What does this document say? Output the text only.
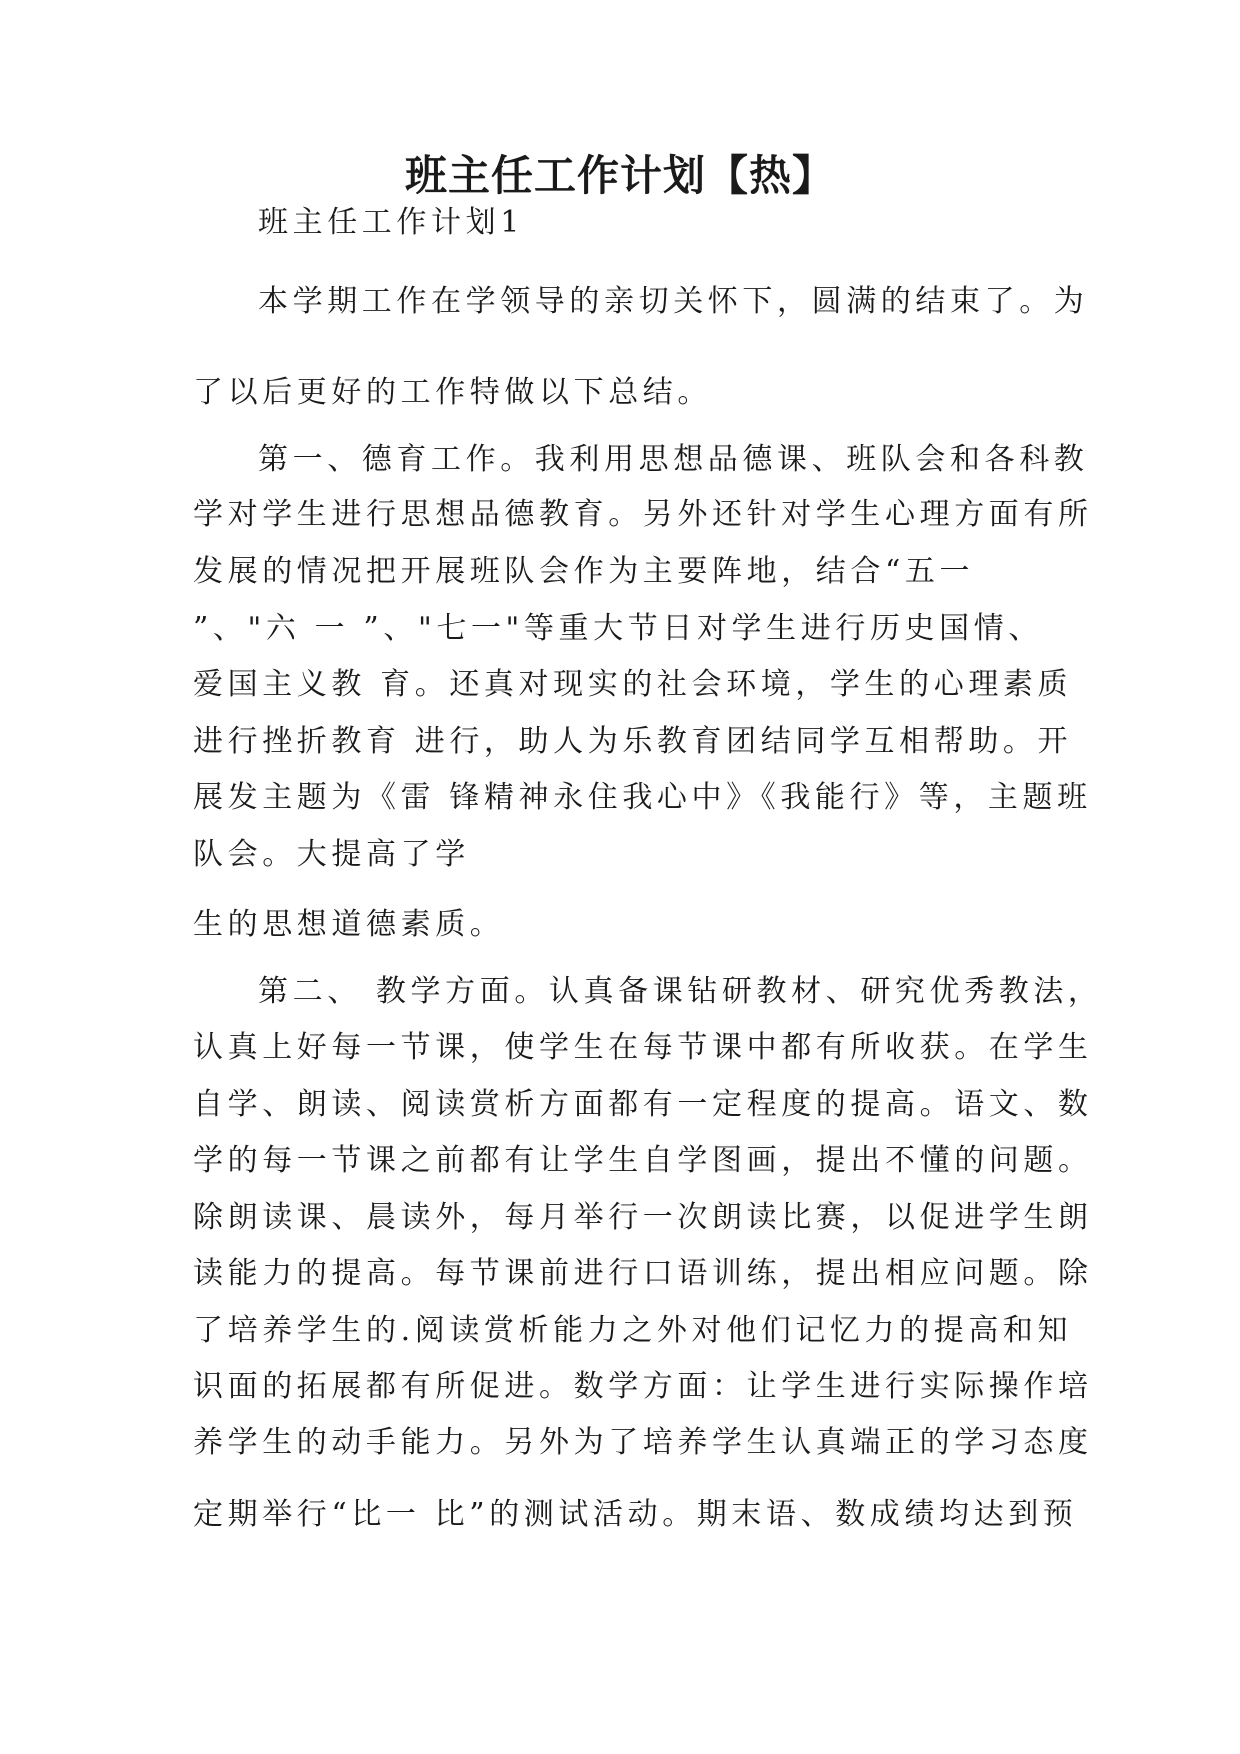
班主任工作计划【热】
班主任工作计划1
本学期工作在学领导的亲切关怀下，圆满的结束了。为
了以后更好的工作特做以下总结。
第一、德育工作。我利用思想品德课、班队会和各科教
学对学生进行思想品德教育。另外还针对学生心理方面有所
发展的情况把开展班队会作为主要阵地，结合“五一
”、"六 一 ”、"七一"等重大节日对学生进行历史国情、
爱国主义教 育。还真对现实的社会环境，学生的心理素质
进行挫折教育 进行，助人为乐教育团结同学互相帮助。开
展发主题为《雷 锋精神永住我心中》《我能行》等，主题班
队会。大提高了学
生的思想道德素质。
第二、 教学方面。认真备课钻研教材、研究优秀教法，
认真上好每一节课，使学生在每节课中都有所收获。在学生
自学、朗读、阅读赏析方面都有一定程度的提高。语文、数
学的每一节课之前都有让学生自学图画，提出不懂的问题。
除朗读课、晨读外，每月举行一次朗读比赛，以促进学生朗
读能力的提高。每节课前进行口语训练，提出相应问题。除
了培养学生的.阅读赏析能力之外对他们记忆力的提高和知
识面的拓展都有所促进。数学方面：让学生进行实际操作培
养学生的动手能力。另外为了培养学生认真端正的学习态度
定期举行“比一 比”的测试活动。期末语、数成绩均达到预
